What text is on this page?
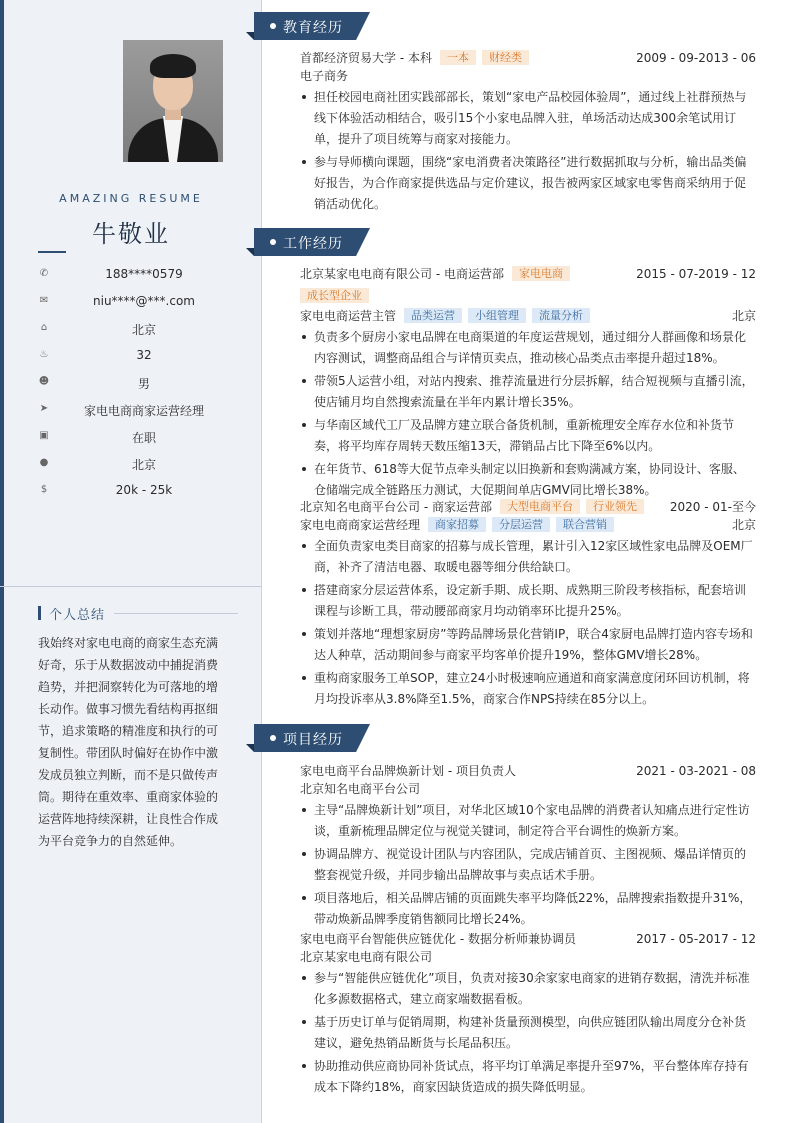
AMAZING RESUME
牛敬业
✆	188****0579
✉	niu****@***.com
⌂	北京
♨	32
☻	男
➤	家电电商商家运营经理
▣	在职
●	北京
$	20k - 25k
个人总结
我始终对家电电商的商家生态充满好奇，乐于从数据波动中捕捉消费趋势，并把洞察转化为可落地的增长动作。做事习惯先看结构再抠细节，追求策略的精准度和执行的可复制性。带团队时偏好在协作中激发成员独立判断，而不是只做传声筒。期待在重效率、重商家体验的运营阵地持续深耕，让良性合作成为平台竞争力的自然延伸。
教育经历
首都经济贸易大学 - 本科 一本 财经类	2009 - 09-2013 - 06
电子商务
担任校园电商社团实践部部长，策划“家电产品校园体验周”，通过线上社群预热与线下体验活动相结合，吸引15个小家电品牌入驻，单场活动达成300余笔试用订单，提升了项目统筹与商家对接能力。
参与导师横向课题，围绕“家电消费者决策路径”进行数据抓取与分析，输出品类偏好报告，为合作商家提供选品与定价建议，报告被两家区域家电零售商采纳用于促销活动优化。
工作经历
北京某家电电商有限公司 - 电商运营部 家电电商	2015 - 07-2019 - 12
成长型企业
家电电商运营主管 品类运营 小组管理 流量分析	北京
负责多个厨房小家电品牌在电商渠道的年度运营规划，通过细分人群画像和场景化内容测试，调整商品组合与详情页卖点，推动核心品类点击率提升超过18%。
带领5人运营小组，对站内搜索、推荐流量进行分层拆解，结合短视频与直播引流，使店铺月均自然搜索流量在半年内累计增长35%。
与华南区域代工厂及品牌方建立联合备货机制，重新梳理安全库存水位和补货节奏，将平均库存周转天数压缩13天，滞销品占比下降至6%以内。
在年货节、618等大促节点牵头制定以旧换新和套购满减方案，协同设计、客服、仓储端完成全链路压力测试，大促期间单店GMV同比增长38%。
北京知名电商平台公司 - 商家运营部 大型电商平台 行业领先	2020 - 01-至今
家电电商商家运营经理 商家招募 分层运营 联合营销	北京
全面负责家电类目商家的招募与成长管理，累计引入12家区域性家电品牌及OEM厂商，补齐了清洁电器、取暖电器等细分供给缺口。
搭建商家分层运营体系，设定新手期、成长期、成熟期三阶段考核指标，配套培训课程与诊断工具，带动腰部商家月均动销率环比提升25%。
策划并落地“理想家厨房”等跨品牌场景化营销IP，联合4家厨电品牌打造内容专场和达人种草，活动期间参与商家平均客单价提升19%，整体GMV增长28%。
重构商家服务工单SOP，建立24小时极速响应通道和商家满意度闭环回访机制，将月均投诉率从3.8%降至1.5%，商家合作NPS持续在85分以上。
项目经历
家电电商平台品牌焕新计划 - 项目负责人	2021 - 03-2021 - 08
北京知名电商平台公司
主导“品牌焕新计划”项目，对华北区域10个家电品牌的消费者认知痛点进行定性访谈，重新梳理品牌定位与视觉关键词，制定符合平台调性的焕新方案。
协调品牌方、视觉设计团队与内容团队，完成店铺首页、主图视频、爆品详情页的整套视觉升级，并同步输出品牌故事与卖点话术手册。
项目落地后，相关品牌店铺的页面跳失率平均降低22%，品牌搜索指数提升31%，带动焕新品牌季度销售额同比增长24%。
家电电商平台智能供应链优化 - 数据分析师兼协调员	2017 - 05-2017 - 12
北京某家电电商有限公司
参与“智能供应链优化”项目，负责对接30余家家电商家的进销存数据，清洗并标准化多源数据格式，建立商家端数据看板。
基于历史订单与促销周期，构建补货量预测模型，向供应链团队输出周度分仓补货建议，避免热销品断货与长尾品积压。
协助推动供应商协同补货试点，将平均订单满足率提升至97%，平台整体库存持有成本下降约18%，商家因缺货造成的损失降低明显。
